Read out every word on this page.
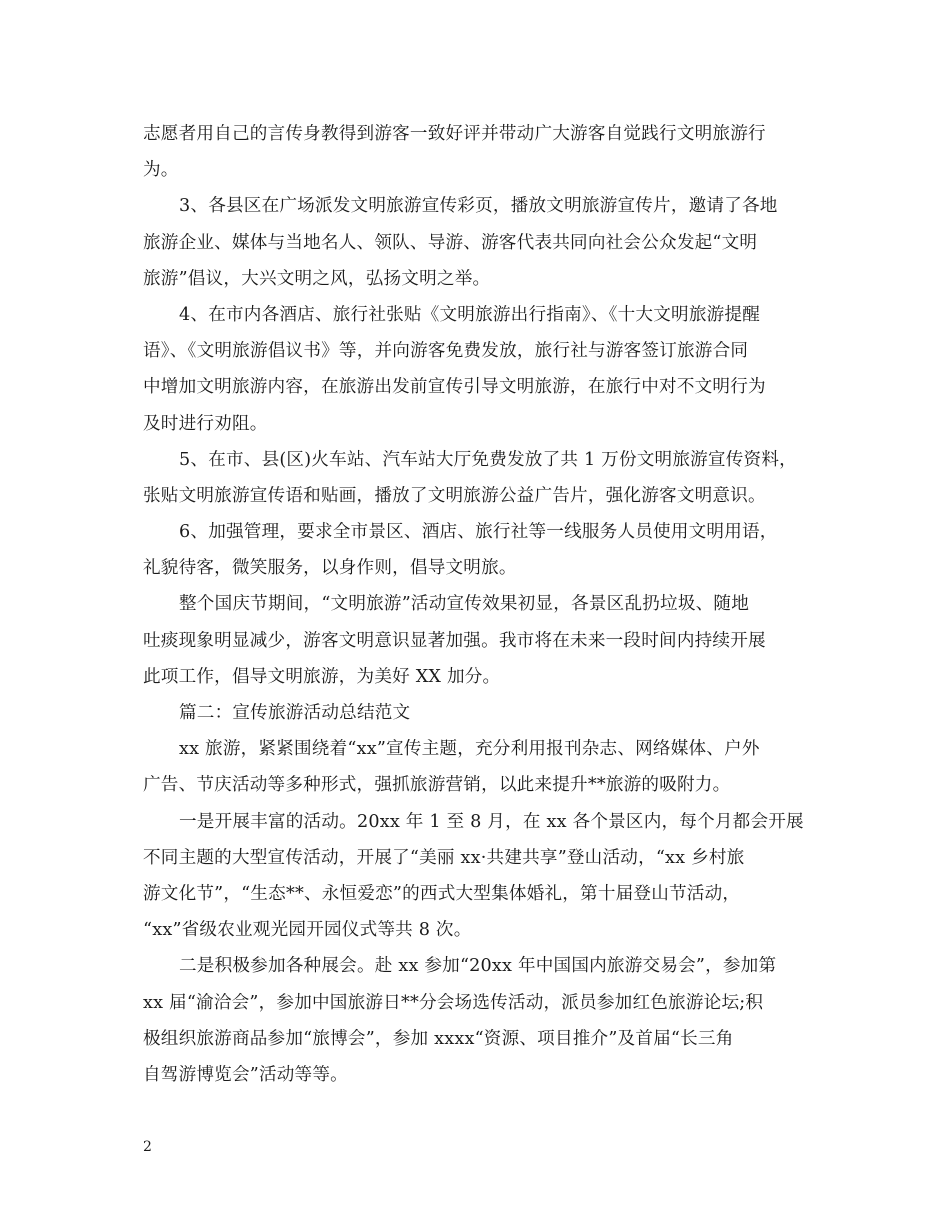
志愿者用自己的言传身教得到游客一致好评并带动广大游客自觉践行文明旅游行
为。
3、各县区在广场派发文明旅游宣传彩页，播放文明旅游宣传片，邀请了各地
旅游企业、媒体与当地名人、领队、导游、游客代表共同向社会公众发起“文明
旅游”倡议，大兴文明之风，弘扬文明之举。
4、在市内各酒店、旅行社张贴《文明旅游出行指南》、《十大文明旅游提醒
语》、《文明旅游倡议书》等，并向游客免费发放，旅行社与游客签订旅游合同
中增加文明旅游内容，在旅游出发前宣传引导文明旅游，在旅行中对不文明行为
及时进行劝阻。
5、在市、县(区)火车站、汽车站大厅免费发放了共 1 万份文明旅游宣传资料，
张贴文明旅游宣传语和贴画，播放了文明旅游公益广告片，强化游客文明意识。
6、加强管理，要求全市景区、酒店、旅行社等一线服务人员使用文明用语，
礼貌待客，微笑服务，以身作则，倡导文明旅。
整个国庆节期间，“文明旅游”活动宣传效果初显，各景区乱扔垃圾、随地
吐痰现象明显减少，游客文明意识显著加强。我市将在未来一段时间内持续开展
此项工作，倡导文明旅游，为美好 XX 加分。
篇二：宣传旅游活动总结范文
xx 旅游，紧紧围绕着“xx”宣传主题，充分利用报刊杂志、网络媒体、户外
广告、节庆活动等多种形式，强抓旅游营销，以此来提升**旅游的吸附力。
一是开展丰富的活动。20xx 年 1 至 8 月，在 xx 各个景区内，每个月都会开展
不同主题的大型宣传活动，开展了“美丽 xx·共建共享”登山活动，“xx 乡村旅
游文化节”，“生态**、永恒爱恋”的西式大型集体婚礼，第十届登山节活动，
“xx”省级农业观光园开园仪式等共 8 次。
二是积极参加各种展会。赴 xx 参加“20xx 年中国国内旅游交易会”，参加第
xx 届“渝洽会”，参加中国旅游日**分会场选传活动，派员参加红色旅游论坛;积
极组织旅游商品参加“旅博会”，参加 xxxx“资源、项目推介”及首届“长三角
自驾游博览会”活动等等。
2
